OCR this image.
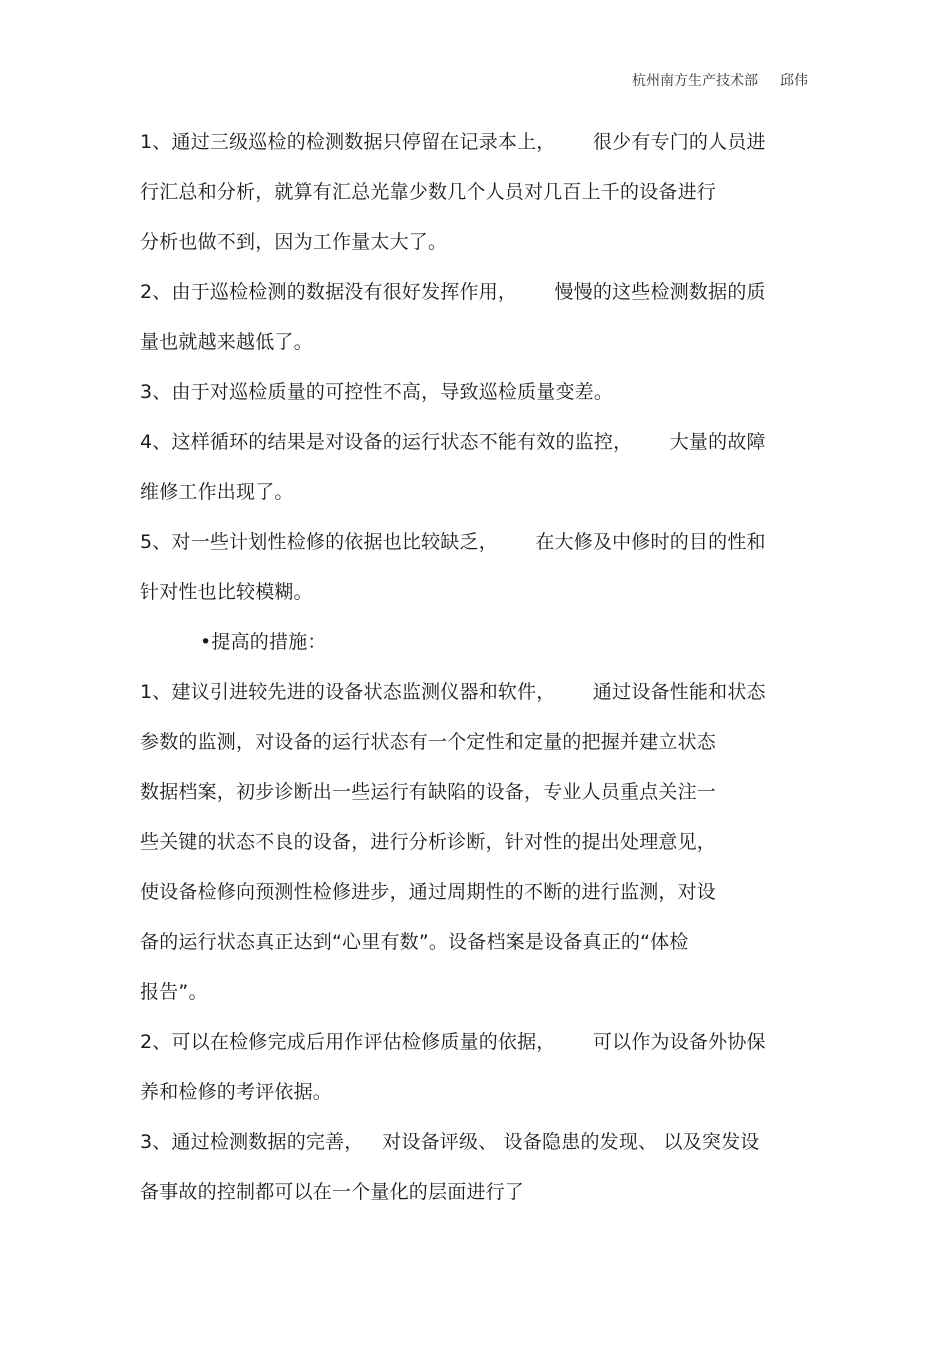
杭州南方生产技术部 邱伟
1、通过三级巡检的检测数据只停留在记录本上，      很少有专门的人员进
行汇总和分析，就算有汇总光靠少数几个人员对几百上千的设备进行
分析也做不到，因为工作量太大了。
2、由于巡检检测的数据没有很好发挥作用，      慢慢的这些检测数据的质
量也就越来越低了。
3、由于对巡检质量的可控性不高，导致巡检质量变差。
4、这样循环的结果是对设备的运行状态不能有效的监控，      大量的故障
维修工作出现了。
5、对一些计划性检修的依据也比较缺乏，      在大修及中修时的目的性和
针对性也比较模糊。
•提高的措施：
1、建议引进较先进的设备状态监测仪器和软件，      通过设备性能和状态
参数的监测，对设备的运行状态有一个定性和定量的把握并建立状态
数据档案，初步诊断出一些运行有缺陷的设备，专业人员重点关注一
些关键的状态不良的设备，进行分析诊断，针对性的提出处理意见，
使设备检修向预测性检修进步，通过周期性的不断的进行监测，对设
备的运行状态真正达到“心里有数”。设备档案是设备真正的“体检
报告”。
2、可以在检修完成后用作评估检修质量的依据，      可以作为设备外协保
养和检修的考评依据。
3、通过检测数据的完善，   对设备评级、 设备隐患的发现、 以及突发设
备事故的控制都可以在一个量化的层面进行了
